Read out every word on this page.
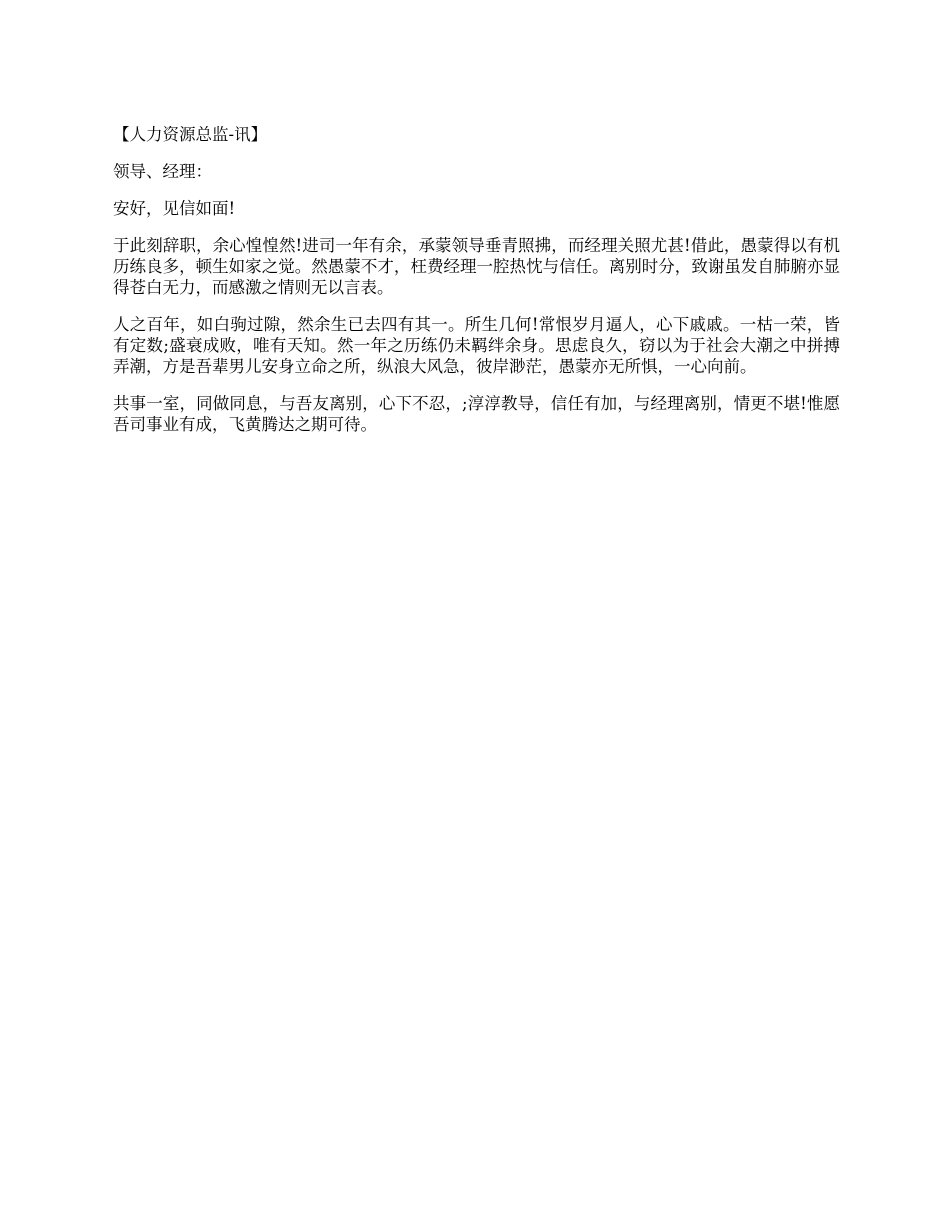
【人力资源总监-讯】

领导、经理：

安好，见信如面!

于此刻辞职，余心惶惶然!进司一年有余，承蒙领导垂青照拂，而经理关照尤甚!借此，愚蒙得以有机历练良多，顿生如家之觉。然愚蒙不才，枉费经理一腔热忱与信任。离别时分，致谢虽发自肺腑亦显得苍白无力，而感激之情则无以言表。

人之百年，如白驹过隙，然余生已去四有其一。所生几何!常恨岁月逼人，心下戚戚。一枯一荣，皆有定数;盛衰成败，唯有天知。然一年之历练仍未羁绊余身。思虑良久，窃以为于社会大潮之中拼搏弄潮，方是吾辈男儿安身立命之所，纵浪大风急，彼岸渺茫，愚蒙亦无所惧，一心向前。

共事一室，同做同息，与吾友离别，心下不忍，;淳淳教导，信任有加，与经理离别，情更不堪!惟愿吾司事业有成，飞黄腾达之期可待。
